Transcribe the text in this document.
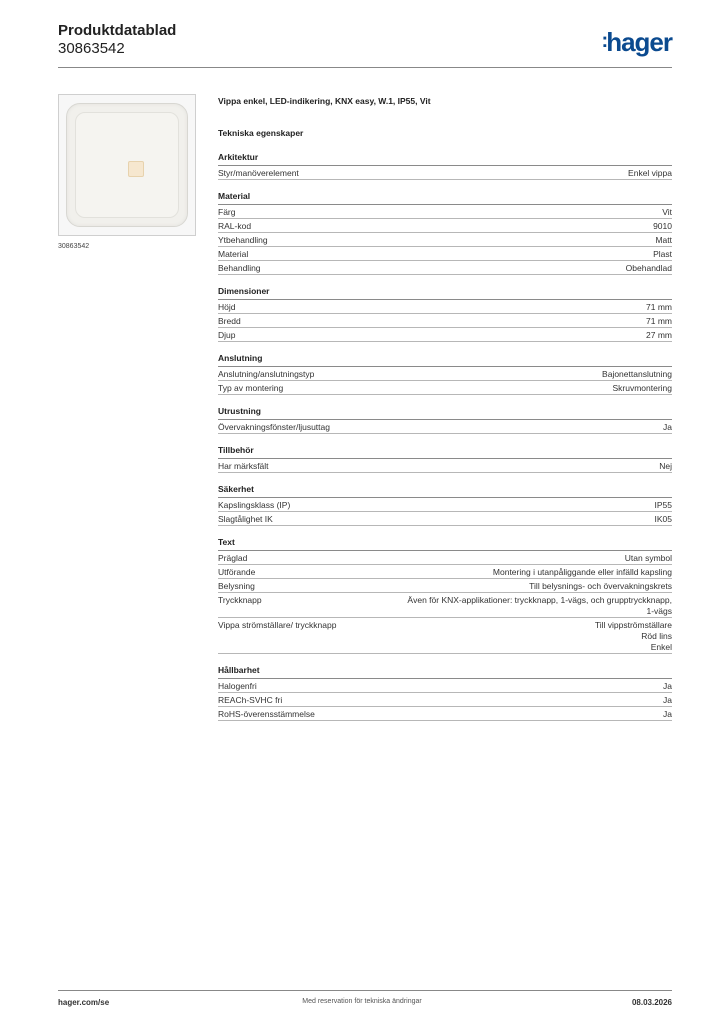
Produktdatablad
30863542	:hager
30863542
Vippa enkel, LED-indikering, KNX easy, W.1, IP55, Vit
Tekniska egenskaper
Arkitektur
Styr/manöverelement	Enkel vippa
Material
Färg	Vit
RAL-kod	9010
Ytbehandling	Matt
Material	Plast
Behandling	Obehandlad
Dimensioner
Höjd	71 mm
Bredd	71 mm
Djup	27 mm
Anslutning
Anslutning/anslutningstyp	Bajonettanslutning
Typ av montering	Skruvmontering
Utrustning
Övervakningsfönster/ljusuttag	Ja
Tillbehör
Har märksfält	Nej
Säkerhet
Kapslingsklass (IP)	IP55
Slagtålighet IK	IK05
Text
Präglad	Utan symbol
Utförande	Montering i utanpåliggande eller infälld kapsling
Belysning	Till belysnings- och övervakningskrets
Tryckknapp	Även för KNX-applikationer: tryckknapp, 1-vägs, och grupptryckknapp,
1-vägs
Vippa strömställare/ tryckknapp	Till vippströmställare
Röd lins
Enkel
Hållbarhet
Halogenfri	Ja
REACh-SVHC fri	Ja
RoHS-överensstämmelse	Ja
hager.com/se	Med reservation för tekniska ändringar	08.03.2026
